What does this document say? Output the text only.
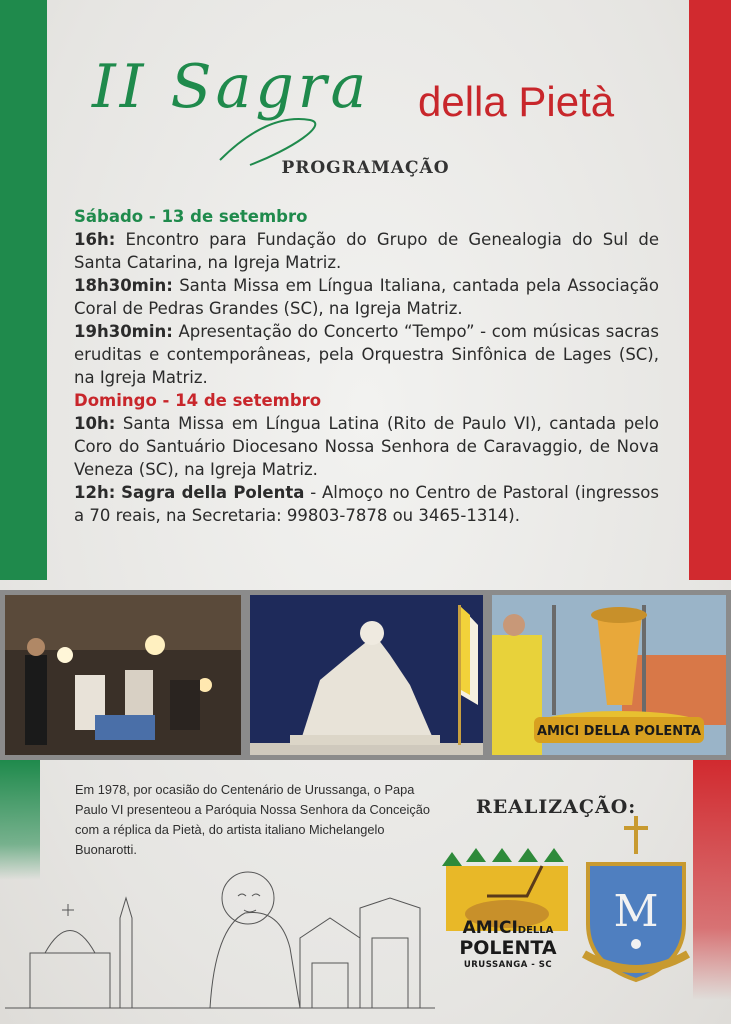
II Sagra della Pietà
PROGRAMAÇÃO

Sábado - 13 de setembro

16h: Encontro para Fundação do Grupo de Genealogia do Sul de Santa Catarina, na Igreja Matriz.

18h30min: Santa Missa em Língua Italiana, cantada pela Associação Coral de Pedras Grandes (SC), na Igreja Matriz.

19h30min: Apresentação do Concerto “Tempo” - com músicas sacras eruditas e contemporâneas, pela Orquestra Sinfônica de Lages (SC), na Igreja Matriz.

Domingo - 14 de setembro

10h: Santa Missa em Língua Latina (Rito de Paulo VI), cantada pelo Coro do Santuário Diocesano Nossa Senhora de Caravaggio, de Nova Veneza (SC), na Igreja Matriz.

12h: Sagra della Polenta - Almoço no Centro de Pastoral (ingressos a 70 reais, na Secretaria: 99803-7878 ou 3465-1314).

AMICI DELLA POLENTA
Em 1978, por ocasião do Centenário de Urussanga, o Papa Paulo VI presenteou a Paróquia Nossa Senhora da Conceição com a réplica da Pietà, do artista italiano Michelangelo Buonarotti.
REALIZAÇÃO:
AMICIDELLA
POLENTA
URUSSANGA - SC
M
